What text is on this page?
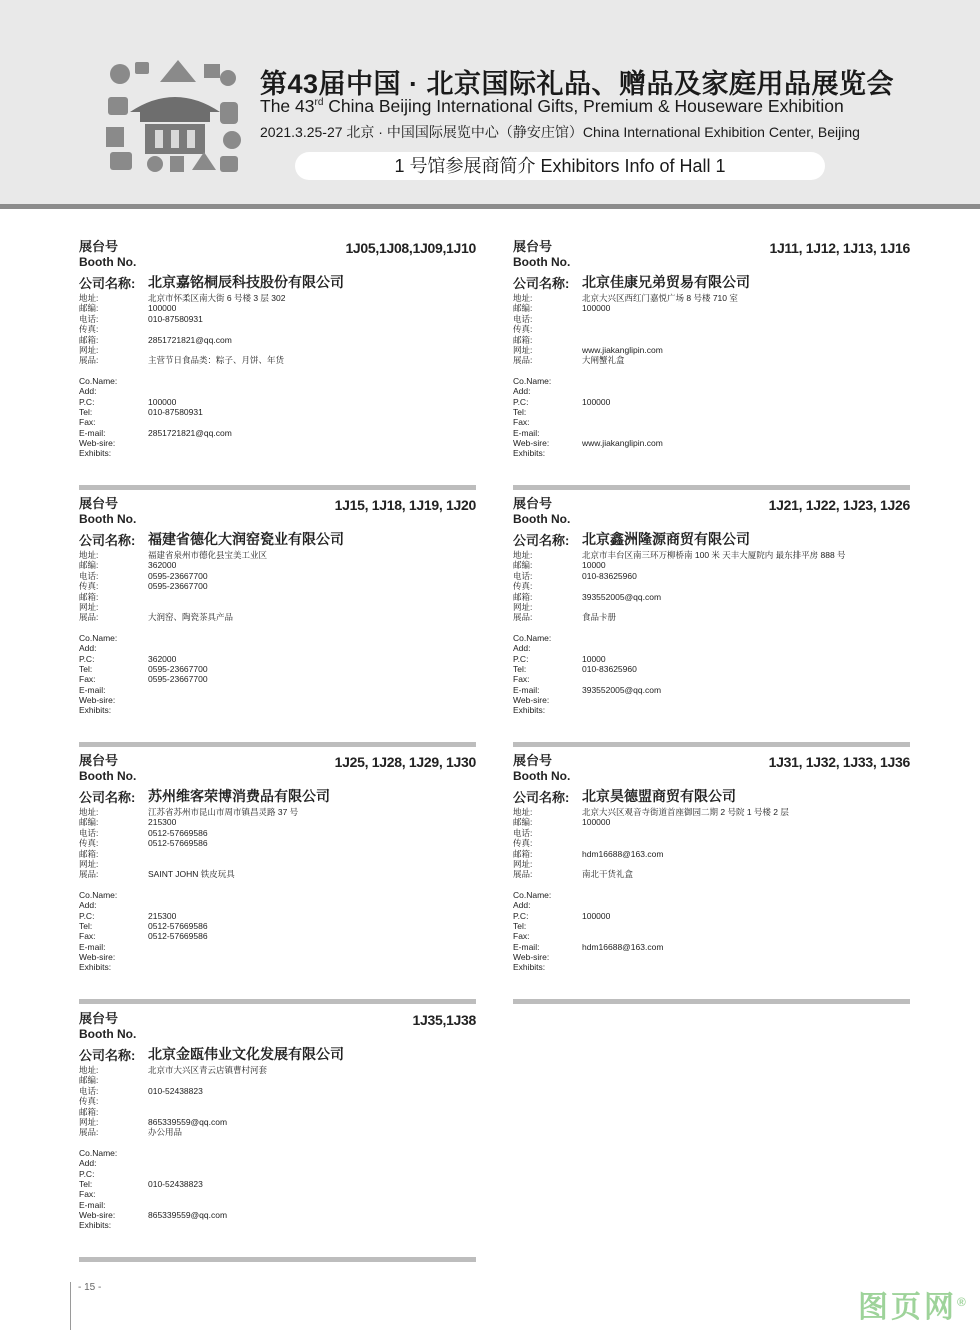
第43届中国 · 北京国际礼品、赠品及家庭用品展览会
The 43rd China Beijing International Gifts, Premium & Houseware Exhibition
2021.3.25-27 北京 · 中国国际展览中心（静安庄馆）China International Exhibition Center, Beijing
1 号馆参展商简介 Exhibitors Info of Hall 1
展台号
Booth No.
1J05,1J08,1J09,1J10
公司名称: 北京嘉铭桐辰科技股份有限公司
地址:	北京市怀柔区南大街 6 号楼 3 层 302
邮编:	100000
电话:	010-87580931
传真:
邮箱:	2851721821@qq.com
网址:
展品:	主营节日食品类：粽子、月饼、年货
Co.Name:
Add:
P.C:	100000
Tel:	010-87580931
Fax:
E-mail:	2851721821@qq.com
Web-sire:
Exhibits:
展台号
Booth No.
1J11, 1J12, 1J13, 1J16
公司名称: 北京佳康兄弟贸易有限公司
地址:	北京大兴区西红门嘉悦广场 8 号楼 710 室
邮编:	100000
电话:
传真:
邮箱:
网址:	www.jiakanglipin.com
展品:	大闸蟹礼盒
Co.Name:
Add:
P.C:	100000
Tel:
Fax:
E-mail:
Web-sire:	www.jiakanglipin.com
Exhibits:
展台号
Booth No.
1J15, 1J18, 1J19, 1J20
公司名称: 福建省德化大润窑瓷业有限公司
地址:	福建省泉州市德化县宝美工业区
邮编:	362000
电话:	0595-23667700
传真:	0595-23667700
邮箱:
网址:
展品:	大润窑、陶瓷茶具产品
Co.Name:
Add:
P.C:	362000
Tel:	0595-23667700
Fax:	0595-23667700
E-mail:
Web-sire:
Exhibits:
展台号
Booth No.
1J21, 1J22, 1J23, 1J26
公司名称: 北京鑫洲隆源商贸有限公司
地址:	北京市丰台区南三环万柳桥南 100 米 天丰大厦院内 最东排平房 888 号
邮编:	10000
电话:	010-83625960
传真:
邮箱:	393552005@qq.com
网址:
展品:	食品卡册
Co.Name:
Add:
P.C:	10000
Tel:	010-83625960
Fax:
E-mail:	393552005@qq.com
Web-sire:
Exhibits:
展台号
Booth No.
1J25, 1J28, 1J29, 1J30
公司名称: 苏州维客荣博消费品有限公司
地址:	江苏省苏州市昆山市周市镇昌灵路 37 号
邮编:	215300
电话:	0512-57669586
传真:	0512-57669586
邮箱:
网址:
展品:	SAINT JOHN 铁皮玩具
Co.Name:
Add:
P.C:	215300
Tel:	0512-57669586
Fax:	0512-57669586
E-mail:
Web-sire:
Exhibits:
展台号
Booth No.
1J31, 1J32, 1J33, 1J36
公司名称: 北京昊德盟商贸有限公司
地址:	北京大兴区观音寺街道首座御园二期 2 号院 1 号楼 2 层
邮编:	100000
电话:
传真:
邮箱:	hdm16688@163.com
网址:
展品:	南北干货礼盒
Co.Name:
Add:
P.C:	100000
Tel:
Fax:
E-mail:	hdm16688@163.com
Web-sire:
Exhibits:
展台号
Booth No.
1J35,1J38
公司名称: 北京金瓯伟业文化发展有限公司
地址:	北京市大兴区青云店镇曹村河套
邮编:
电话:	010-52438823
传真:
邮箱:
网址:	865339559@qq.com
展品:	办公用品
Co.Name:
Add:
P.C:
Tel:	010-52438823
Fax:
E-mail:
Web-sire:	865339559@qq.com
Exhibits:
- 15 -
图页网®
